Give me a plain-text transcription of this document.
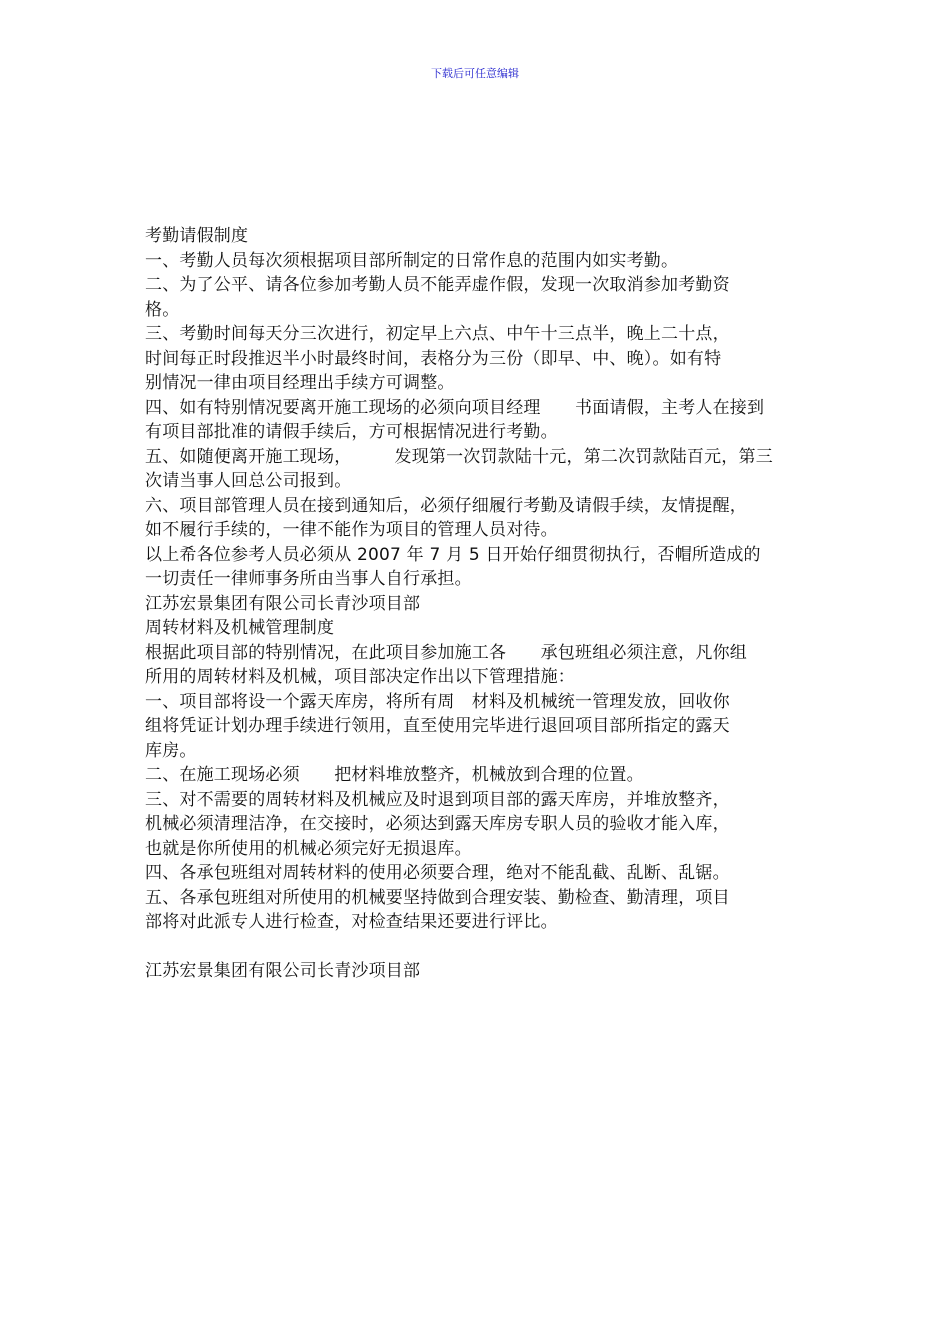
下载后可任意编辑
考勤请假制度
一、考勤人员每次须根据项目部所制定的日常作息的范围内如实考勤。
二、为了公平、请各位参加考勤人员不能弄虚作假，发现一次取消参加考勤资
格。
三、考勤时间每天分三次进行，初定早上六点、中午十三点半，晚上二十点，
时间每正时段推迟半小时最终时间，表格分为三份（即早、中、晚）。如有特
别情况一律由项目经理出手续方可调整。
四、如有特别情况要离开施工现场的必须向项目经理　　书面请假，主考人在接到
有项目部批准的请假手续后，方可根据情况进行考勤。
五、如随便离开施工现场，　　　发现第一次罚款陆十元，第二次罚款陆百元，第三
次请当事人回总公司报到。
六、项目部管理人员在接到通知后，必须仔细履行考勤及请假手续，友情提醒，
如不履行手续的，一律不能作为项目的管理人员对待。
以上希各位参考人员必须从 2007 年 7 月 5 日开始仔细贯彻执行，否帽所造成的
一切责任一律师事务所由当事人自行承担。
江苏宏景集团有限公司长青沙项目部
周转材料及机械管理制度
根据此项目部的特别情况，在此项目参加施工各　　承包班组必须注意，凡你组
所用的周转材料及机械，项目部决定作出以下管理措施：
一、项目部将设一个露天库房，将所有周　材料及机械统一管理发放，回收你
组将凭证计划办理手续进行领用，直至使用完毕进行退回项目部所指定的露天
库房。
二、在施工现场必须　　把材料堆放整齐，机械放到合理的位置。
三、对不需要的周转材料及机械应及时退到项目部的露天库房，并堆放整齐，
机械必须清理洁净，在交接时，必须达到露天库房专职人员的验收才能入库，
也就是你所使用的机械必须完好无损退库。
四、各承包班组对周转材料的使用必须要合理，绝对不能乱截、乱断、乱锯。
五、各承包班组对所使用的机械要坚持做到合理安装、勤检查、勤清理，项目
部将对此派专人进行检查，对检查结果还要进行评比。
江苏宏景集团有限公司长青沙项目部
